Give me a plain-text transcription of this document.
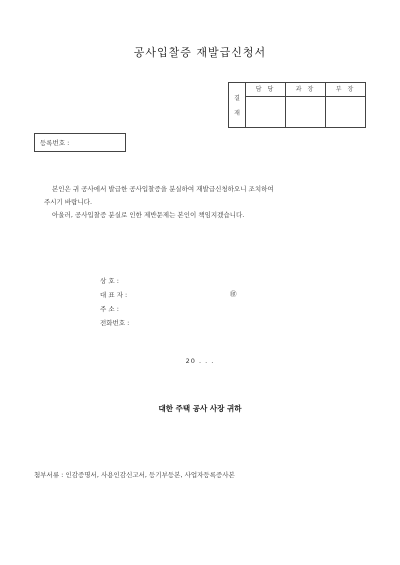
공사입찰증 재발급신청서
결
재
담 당	과 장	부 장
등록번호 :
본인은 귀 공사에서 발급한 공사입찰증을 분실하여 재발급신청하오니 조치하여
주시기 바랍니다.
아울러, 공사입찰증 분실로 인한 제반문제는 본인이 책임지겠습니다.
상 호 :
대 표 자 :
주 소 :
전화번호 :
㊞
20 . . .
대한 주택 공사 사장 귀하
첨부서류 : 인감증명서, 사용인감신고서, 등기부등본, 사업자등록증사본
